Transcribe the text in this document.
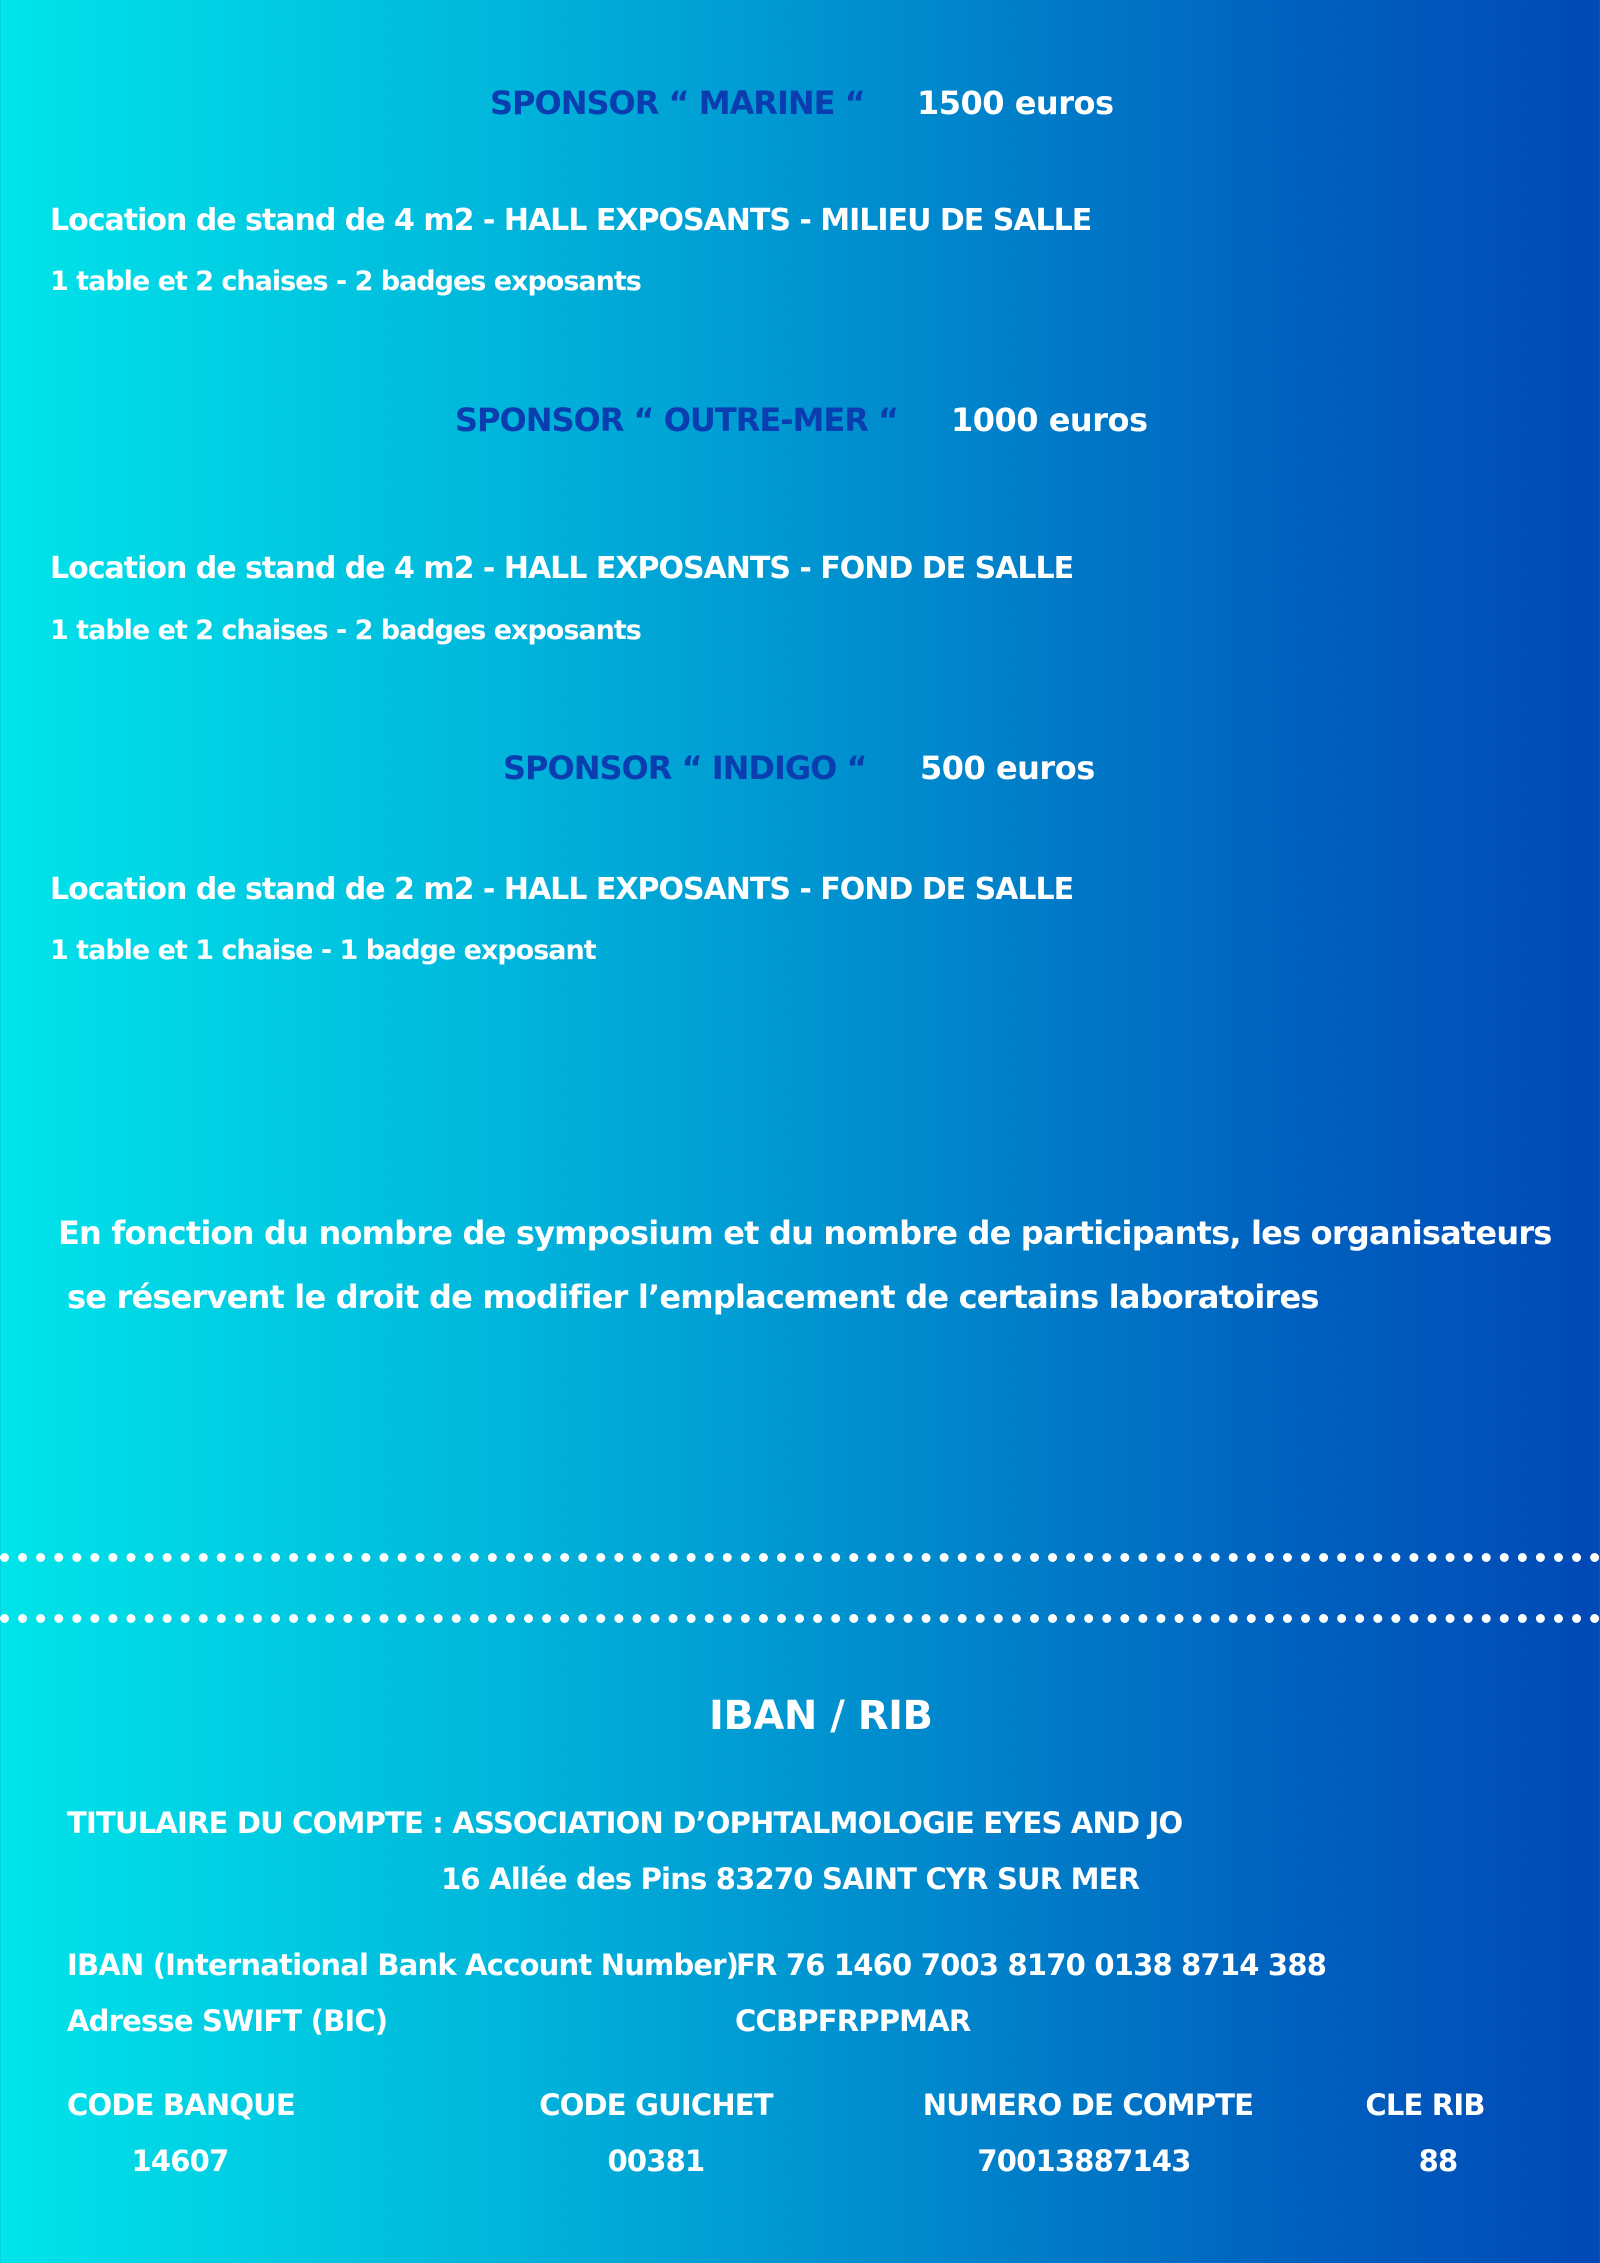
SPONSOR “ MARINE “ 1500 euros
Location de stand de 4 m2 - HALL EXPOSANTS - MILIEU DE SALLE
1 table et 2 chaises - 2 badges exposants
SPONSOR “ OUTRE-MER “ 1000 euros
Location de stand de 4 m2 - HALL EXPOSANTS - FOND DE SALLE
1 table et 2 chaises - 2 badges exposants
SPONSOR “ INDIGO “ 500 euros
Location de stand de 2 m2 - HALL EXPOSANTS - FOND DE SALLE
1 table et 1 chaise - 1 badge exposant
En fonction du nombre de symposium et du nombre de participants, les organisateurs
se réservent le droit de modifier l’emplacement de certains laboratoires
IBAN / RIB
TITULAIRE DU COMPTE : ASSOCIATION D’OPHTALMOLOGIE EYES AND JO
16 Allée des Pins 83270 SAINT CYR SUR MER
IBAN (International Bank Account Number)
FR 76 1460 7003 8170 0138 8714 388
Adresse SWIFT (BIC)	CCBPFRPPMAR
CODE BANQUE
14607
CODE GUICHET
00381
NUMERO DE COMPTE
70013887143
CLE RIB
88
